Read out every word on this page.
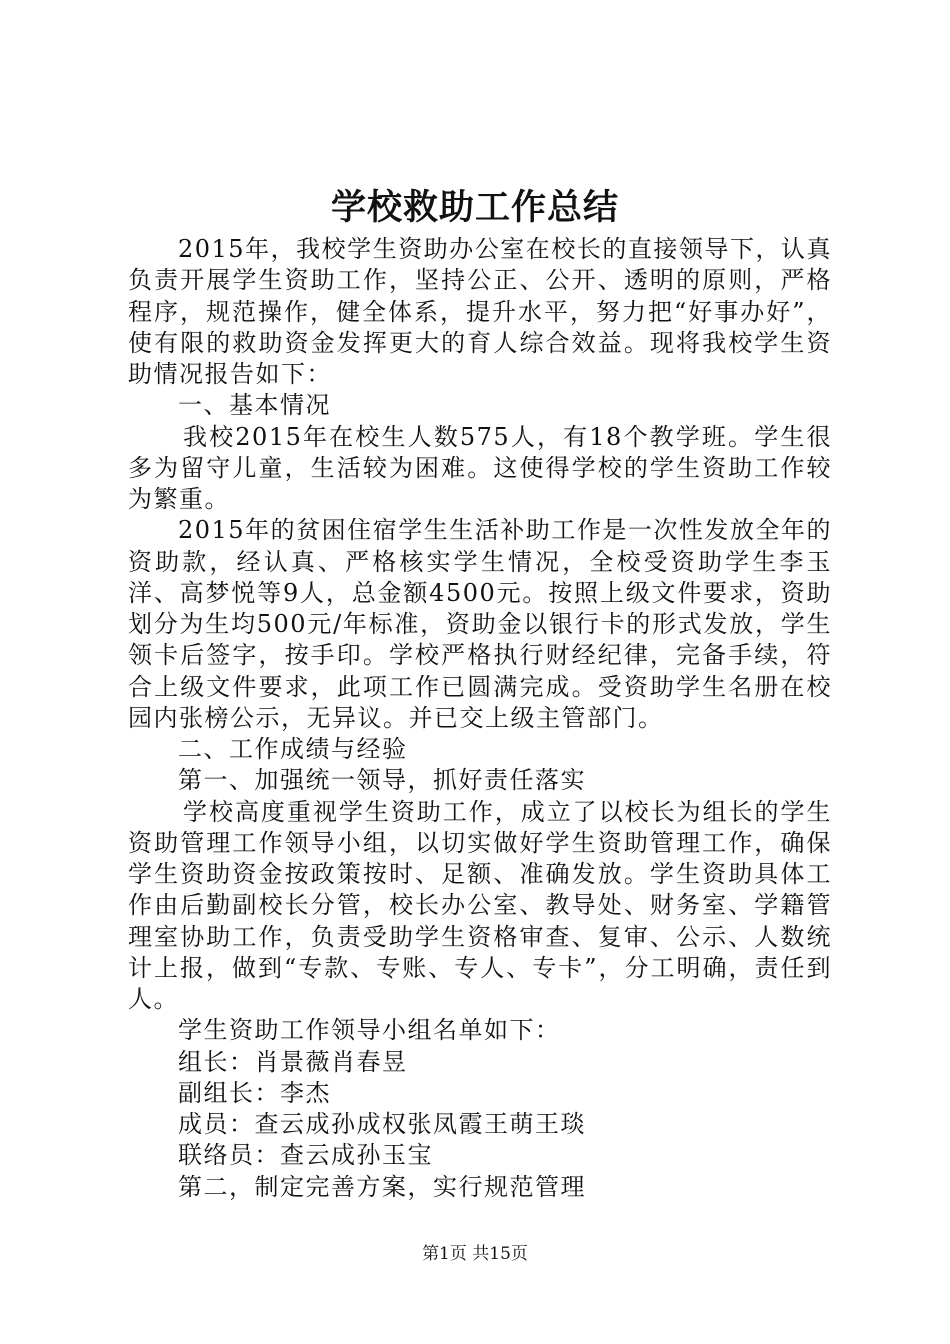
学校救助工作总结

2015年，我校学生资助办公室在校长的直接领导下，认真负责开展学生资助工作，坚持公正、公开、透明的原则，严格程序，规范操作，健全体系，提升水平，努力把“好事办好”，使有限的救助资金发挥更大的育人综合效益。现将我校学生资助情况报告如下：

一、基本情况

我校2015年在校生人数575人，有18个教学班。学生很多为留守儿童，生活较为困难。这使得学校的学生资助工作较为繁重。

2015年的贫困住宿学生生活补助工作是一次性发放全年的资助款，经认真、严格核实学生情况，全校受资助学生李玉洋、高梦悦等9人，总金额4500元。按照上级文件要求，资助划分为生均500元/年标准，资助金以银行卡的形式发放，学生领卡后签字，按手印。学校严格执行财经纪律，完备手续，符合上级文件要求，此项工作已圆满完成。受资助学生名册在校园内张榜公示，无异议。并已交上级主管部门。

二、工作成绩与经验

第一、加强统一领导，抓好责任落实

学校高度重视学生资助工作，成立了以校长为组长的学生资助管理工作领导小组，以切实做好学生资助管理工作，确保学生资助资金按政策按时、足额、准确发放。学生资助具体工作由后勤副校长分管，校长办公室、教导处、财务室、学籍管理室协助工作，负责受助学生资格审查、复审、公示、人数统计上报，做到“专款、专账、专人、专卡”，分工明确，责任到人。

学生资助工作领导小组名单如下：

组长：肖景薇肖春昱

副组长：李杰

成员：查云成孙成权张凤霞王萌王琰

联络员：查云成孙玉宝

第二，制定完善方案，实行规范管理

第1页 共15页
